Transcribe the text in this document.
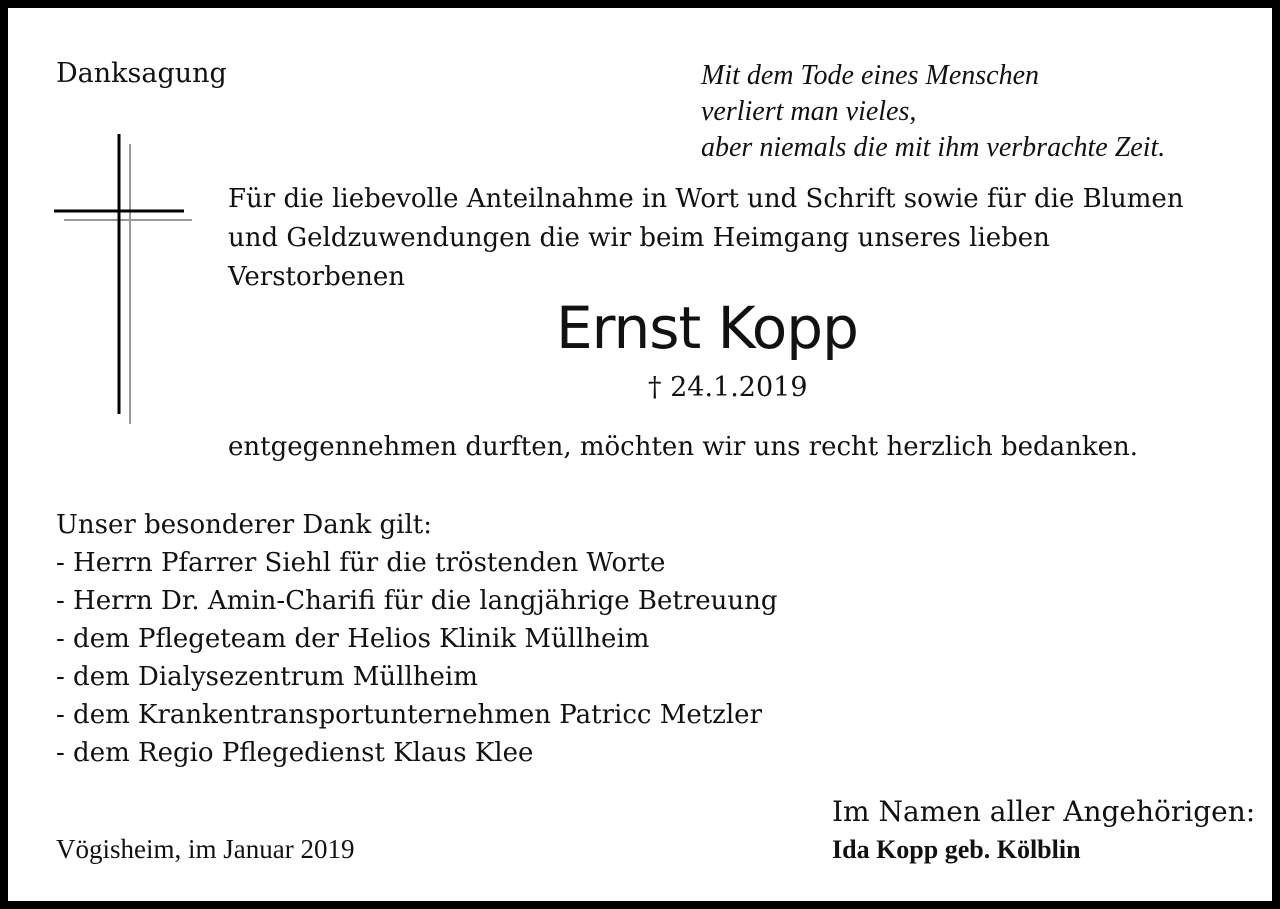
Danksagung	Mit dem Tode eines Menschen
verliert man vieles,
aber niemals die mit ihm verbrachte Zeit.
Für die liebevolle Anteilnahme in Wort und Schrift sowie für die Blumen
und Geldzuwendungen die wir beim Heimgang unseres lieben
Verstorbenen
Ernst Kopp
† 24.1.2019
entgegennehmen durften, möchten wir uns recht herzlich bedanken.
Unser besonderer Dank gilt:
- Herrn Pfarrer Siehl für die tröstenden Worte
- Herrn Dr. Amin-Charifi für die langjährige Betreuung
- dem Pflegeteam der Helios Klinik Müllheim
- dem Dialysezentrum Müllheim
- dem Krankentransportunternehmen Patricc Metzler
- dem Regio Pflegedienst Klaus Klee
Vögisheim, im Januar 2019
Im Namen aller Angehörigen:
Ida Kopp geb. Kölblin
